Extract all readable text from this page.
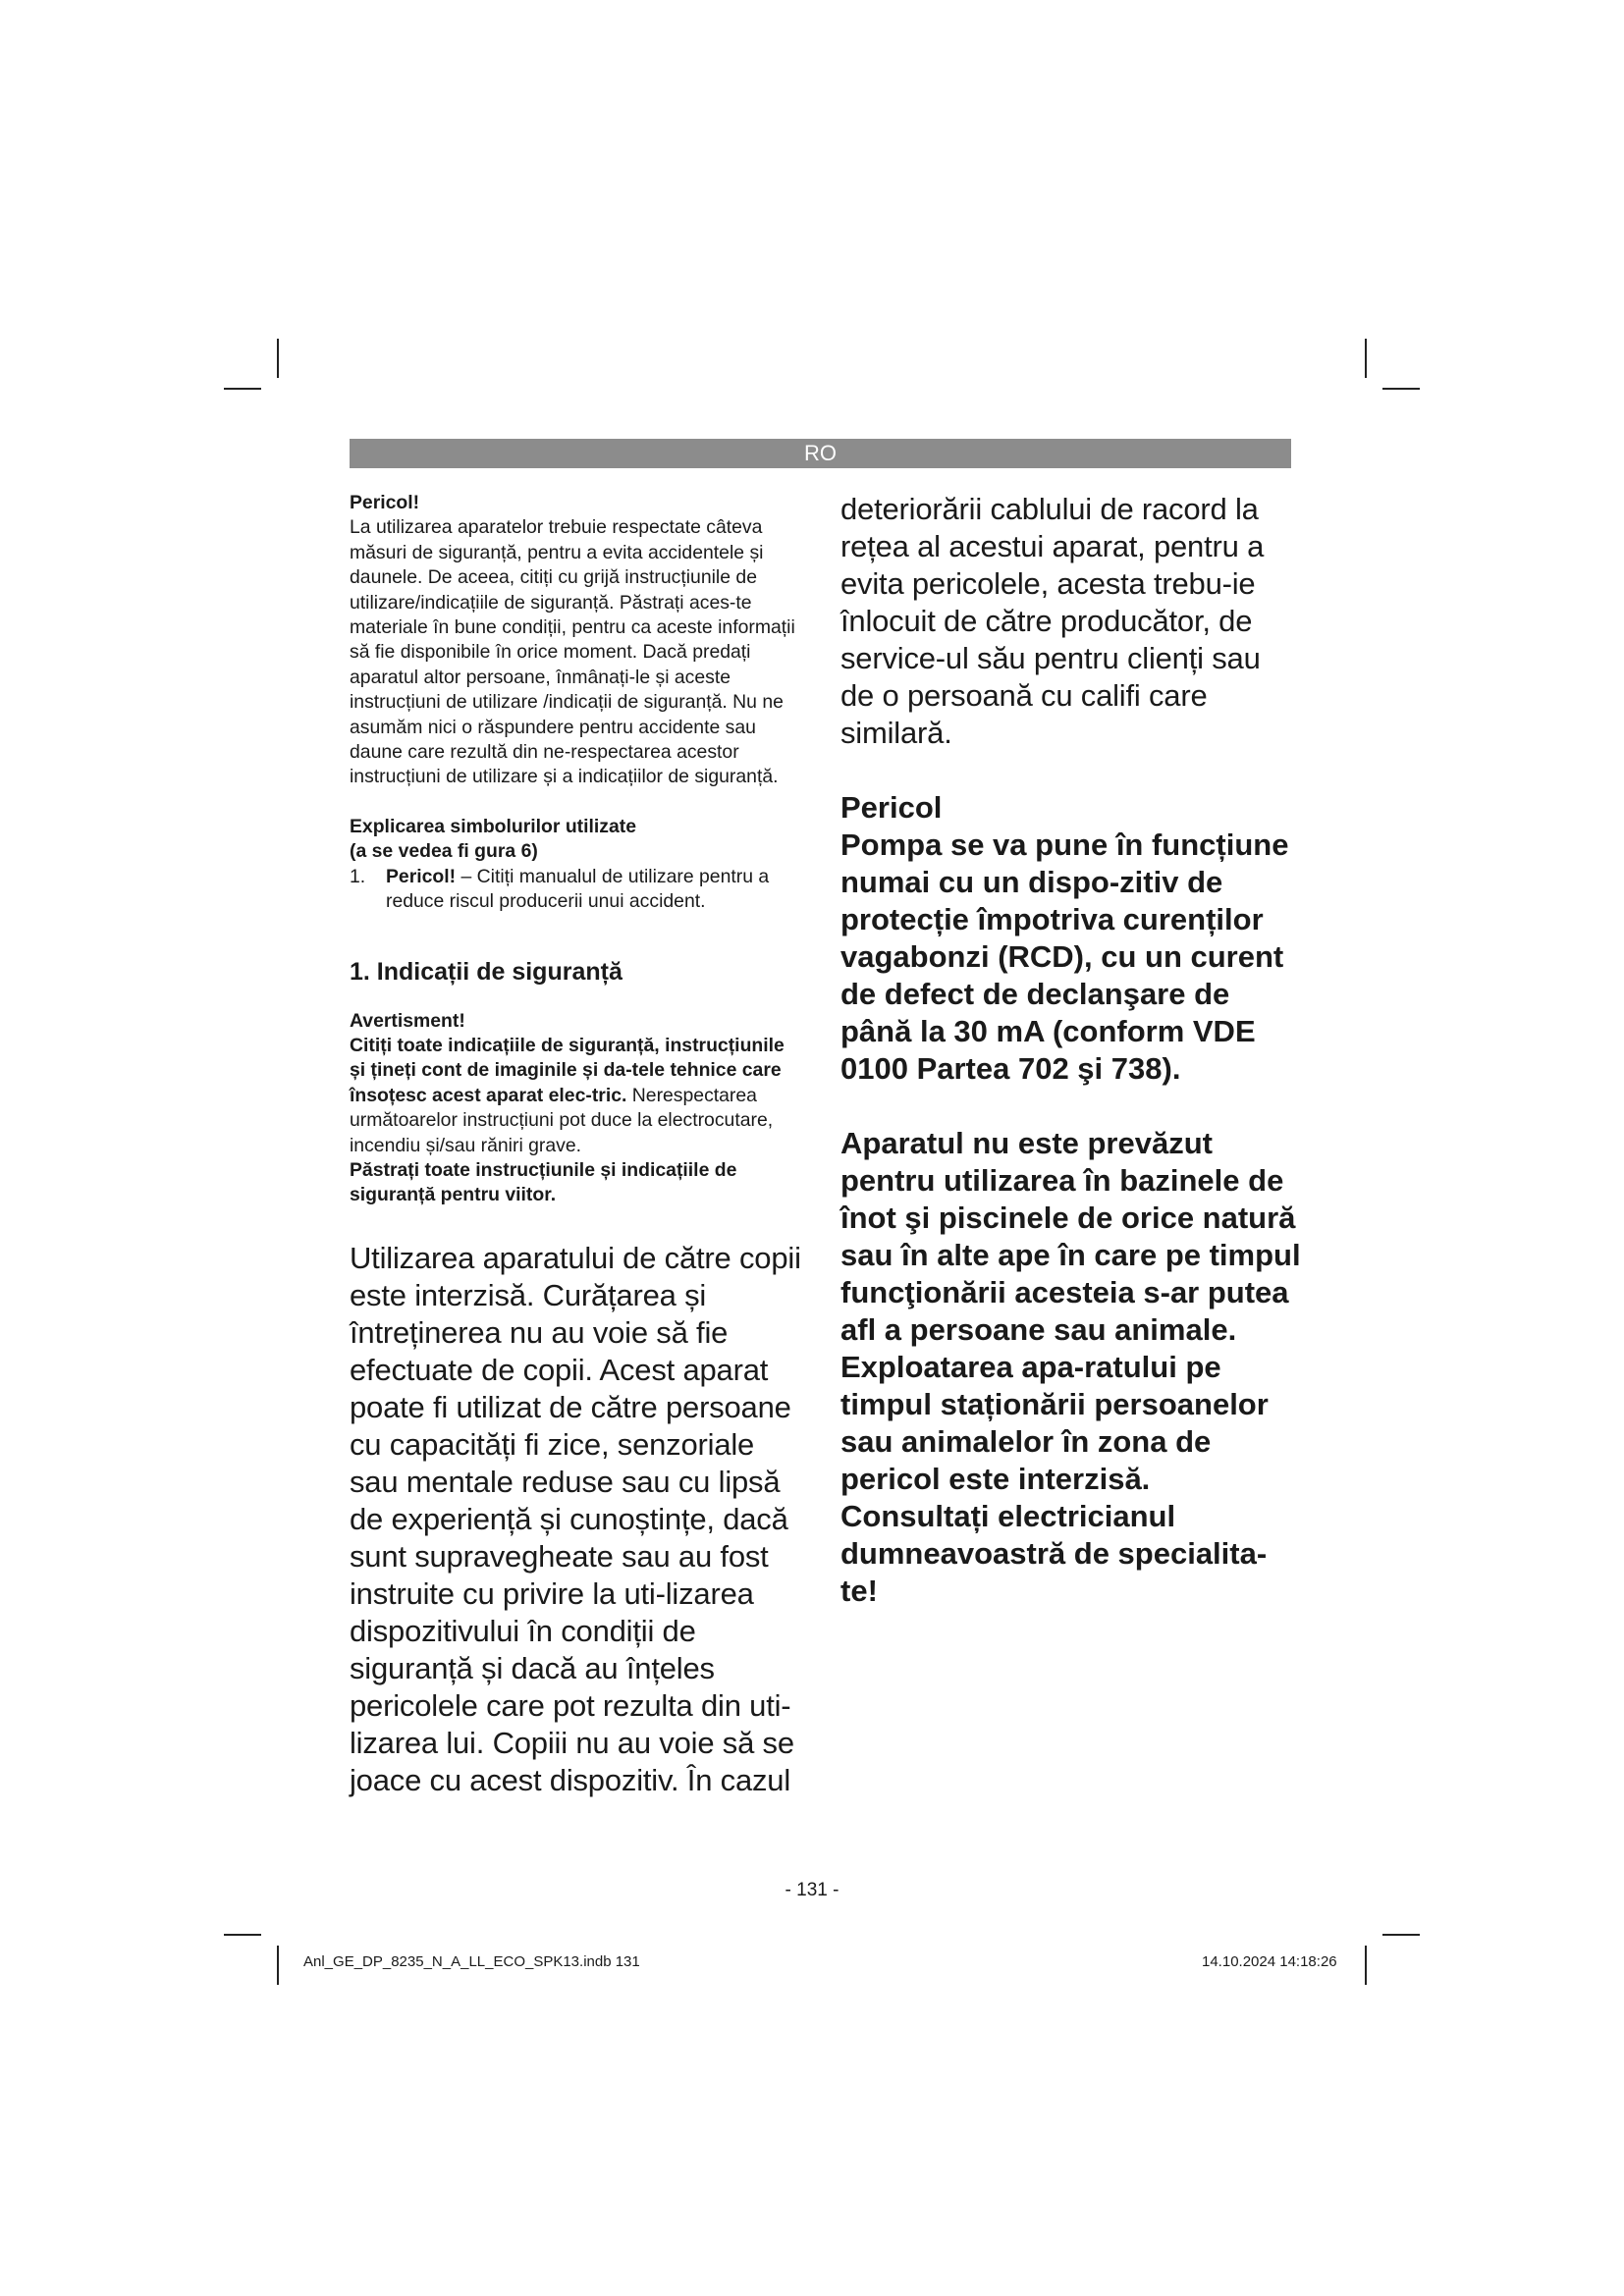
RO

Pericol!

La utilizarea aparatelor trebuie respectate câteva măsuri de siguranță, pentru a evita accidentele și daunele. De aceea, citiți cu grijă instrucțiunile de utilizare/indicațiile de siguranță. Păstrați aces-te materiale în bune condiții, pentru ca aceste informații să fie disponibile în orice moment. Dacă predați aparatul altor persoane, înmânați-le și aceste instrucțiuni de utilizare /indicații de siguranță. Nu ne asumăm nici o răspundere pentru accidente sau daune care rezultă din ne-respectarea acestor instrucțiuni de utilizare și a indicațiilor de siguranță.

Explicarea simbolurilor utilizate

(a se vedea fi gura 6)

1. Pericol! – Citiți manualul de utilizare pentru a reduce riscul producerii unui accident.

1. Indicații de siguranță

Avertisment!

Citiți toate indicațiile de siguranță, instrucțiunile și țineți cont de imaginile și da-tele tehnice care însoțesc acest aparat elec-tric. Nerespectarea următoarelor instrucțiuni pot duce la electrocutare, incendiu și/sau răniri grave.

Păstrați toate instrucțiunile și indicațiile de siguranță pentru viitor.

Utilizarea aparatului de către copii este interzisă. Curățarea și întreținerea nu au voie să fie efectuate de copii. Acest aparat poate fi utilizat de către persoane cu capacități fi zice, senzoriale sau mentale reduse sau cu lipsă de experiență și cunoștințe, dacă sunt supravegheate sau au fost instruite cu privire la uti-lizarea dispozitivului în condiții de siguranță și dacă au înțeles pericolele care pot rezulta din uti-lizarea lui. Copiii nu au voie să se joace cu acest dispozitiv. În cazul

deteriorării cablului de racord la rețea al acestui aparat, pentru a evita pericolele, acesta trebu-ie înlocuit de către producător, de service-ul său pentru clienți sau de o persoană cu califi care similară.

Pericol

Pompa se va pune în funcțiune numai cu un dispo-zitiv de protecție împotriva curenților vagabonzi (RCD), cu un curent de defect de declanşare de până la 30 mA (conform VDE 0100 Partea 702 şi 738).

Aparatul nu este prevăzut pentru utilizarea în bazinele de înot şi piscinele de orice natură sau în alte ape în care pe timpul funcţionării acesteia s-ar putea afl a persoane sau animale. Exploatarea apa-ratului pe timpul staționării persoanelor sau animalelor în zona de pericol este interzisă. Consultați electricianul dumneavoastră de specialita-te!

- 131 -
Anl_GE_DP_8235_N_A_LL_ECO_SPK13.indb 131	14.10.2024 14:18:26
